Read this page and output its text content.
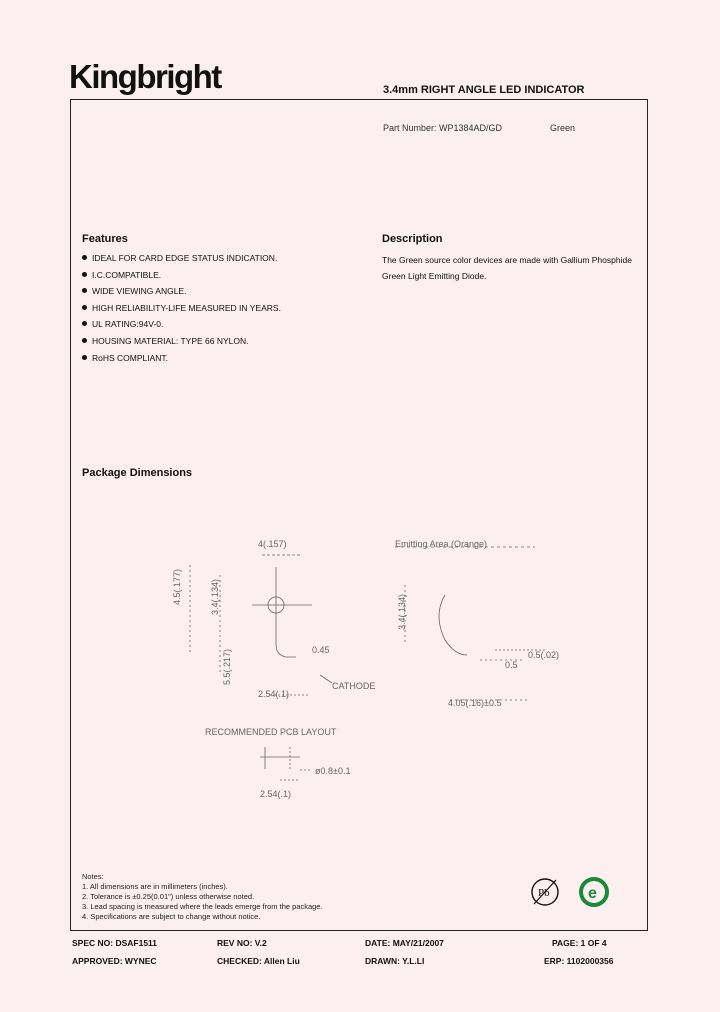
Kingbright	3.4mm RIGHT ANGLE LED INDICATOR
Part Number: WP1384AD/GD	Green
Features
IDEAL FOR CARD EDGE STATUS INDICATION.
I.C.COMPATIBLE.
WIDE VIEWING ANGLE.
HIGH RELIABILITY-LIFE MEASURED IN YEARS.
UL RATING:94V-0.
HOUSING MATERIAL: TYPE 66 NYLON.
RoHS COMPLIANT.
Description
The Green source color devices are made with Gallium Phosphide Green Light Emitting Diode.
Package Dimensions
4(.157)
4.5(.177)	3.4(.134)
5.5(.217)	0.45
CATHODE
2.54(.1)
RECOMMENDED PCB LAYOUT
ø0.8±0.1
2.54(.1)
Emitting Area (Orange)
3.4(.134)
0.5(.02)
0.5
4.05(.16)±0.5
Notes:
1. All dimensions are in millimeters (inches).
2. Tolerance is ±0.25(0.01") unless otherwise noted.
3. Lead spacing is measured where the leads emerge from the package.
4. Specifications are subject to change without notice.
Pb e
SPEC NO: DSAF1511	REV NO: V.2	DATE: MAY/21/2007	PAGE: 1 OF 4
APPROVED: WYNEC	CHECKED: Allen Liu	DRAWN: Y.L.LI	ERP: 1102000356
